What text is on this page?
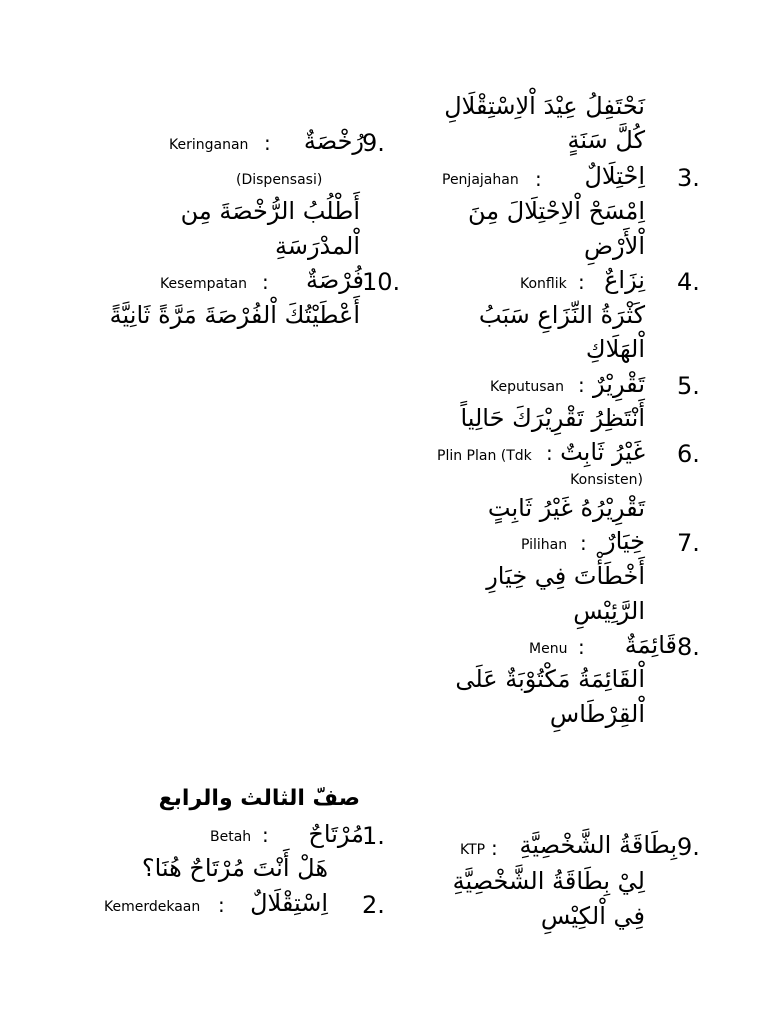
نَحْتَفِلُ عِيْدَ اْلاِسْتِقْلَالِ
كُلَّ سَنَةٍ
3.
اِحْتِلَالٌ
:
Penjajahan
اِمْسَحْ اْلاِحْتِلَالَ مِنَ
اْلأَرْضِ
4.
نِزَاعٌ
:
Konflik
كَثْرَةُ النِّزَاعِ سَبَبُ
اْلهَلَاكِ
5.
تَقْرِيْرٌ
:
Keputusan
أَنْتَظِرُ تَقْرِيْرَكَ حَالِياً
6.
غَيْرُ ثَابِتٌ
:
Plin Plan (Tdk
Konsisten)
تَقْرِيْرُهُ غَيْرُ ثَابِتٍ
7.
خِيَارٌ
:
Pilihan
أَخْطَأْتَ فِي خِيَارِ
الرَّئِيْسِ
8.
قَائِمَةٌ
:
Menu
اْلقَائِمَةُ مَكْتُوْبَةٌ عَلَى
اْلقِرْطَاسِ
9.
بِطَاقَةُ الشَّخْصِيَّةِ
:
KTP
لِيْ بِطَاقَةُ الشَّخْصِيَّةِ
فِي اْلكِيْسِ
9.
رُخْصَةٌ
:
Keringanan
(Dispensasi)
أَطْلُبُ الرُّخْصَةَ مِن
اْلمدْرَسَةِ
10.
فُرْصَةٌ
:
Kesempatan
أَعْطَيْتُكَ اْلفُرْصَةَ مَرَّةً ثَانِيَّةً
صفّ الثالث والرابع
1.
مُرْتَاحٌ
:
Betah
هَلْ أَنْتَ مُرْتَاحٌ هُنَا؟
2.
اِسْتِقْلَالٌ
:
Kemerdekaan
